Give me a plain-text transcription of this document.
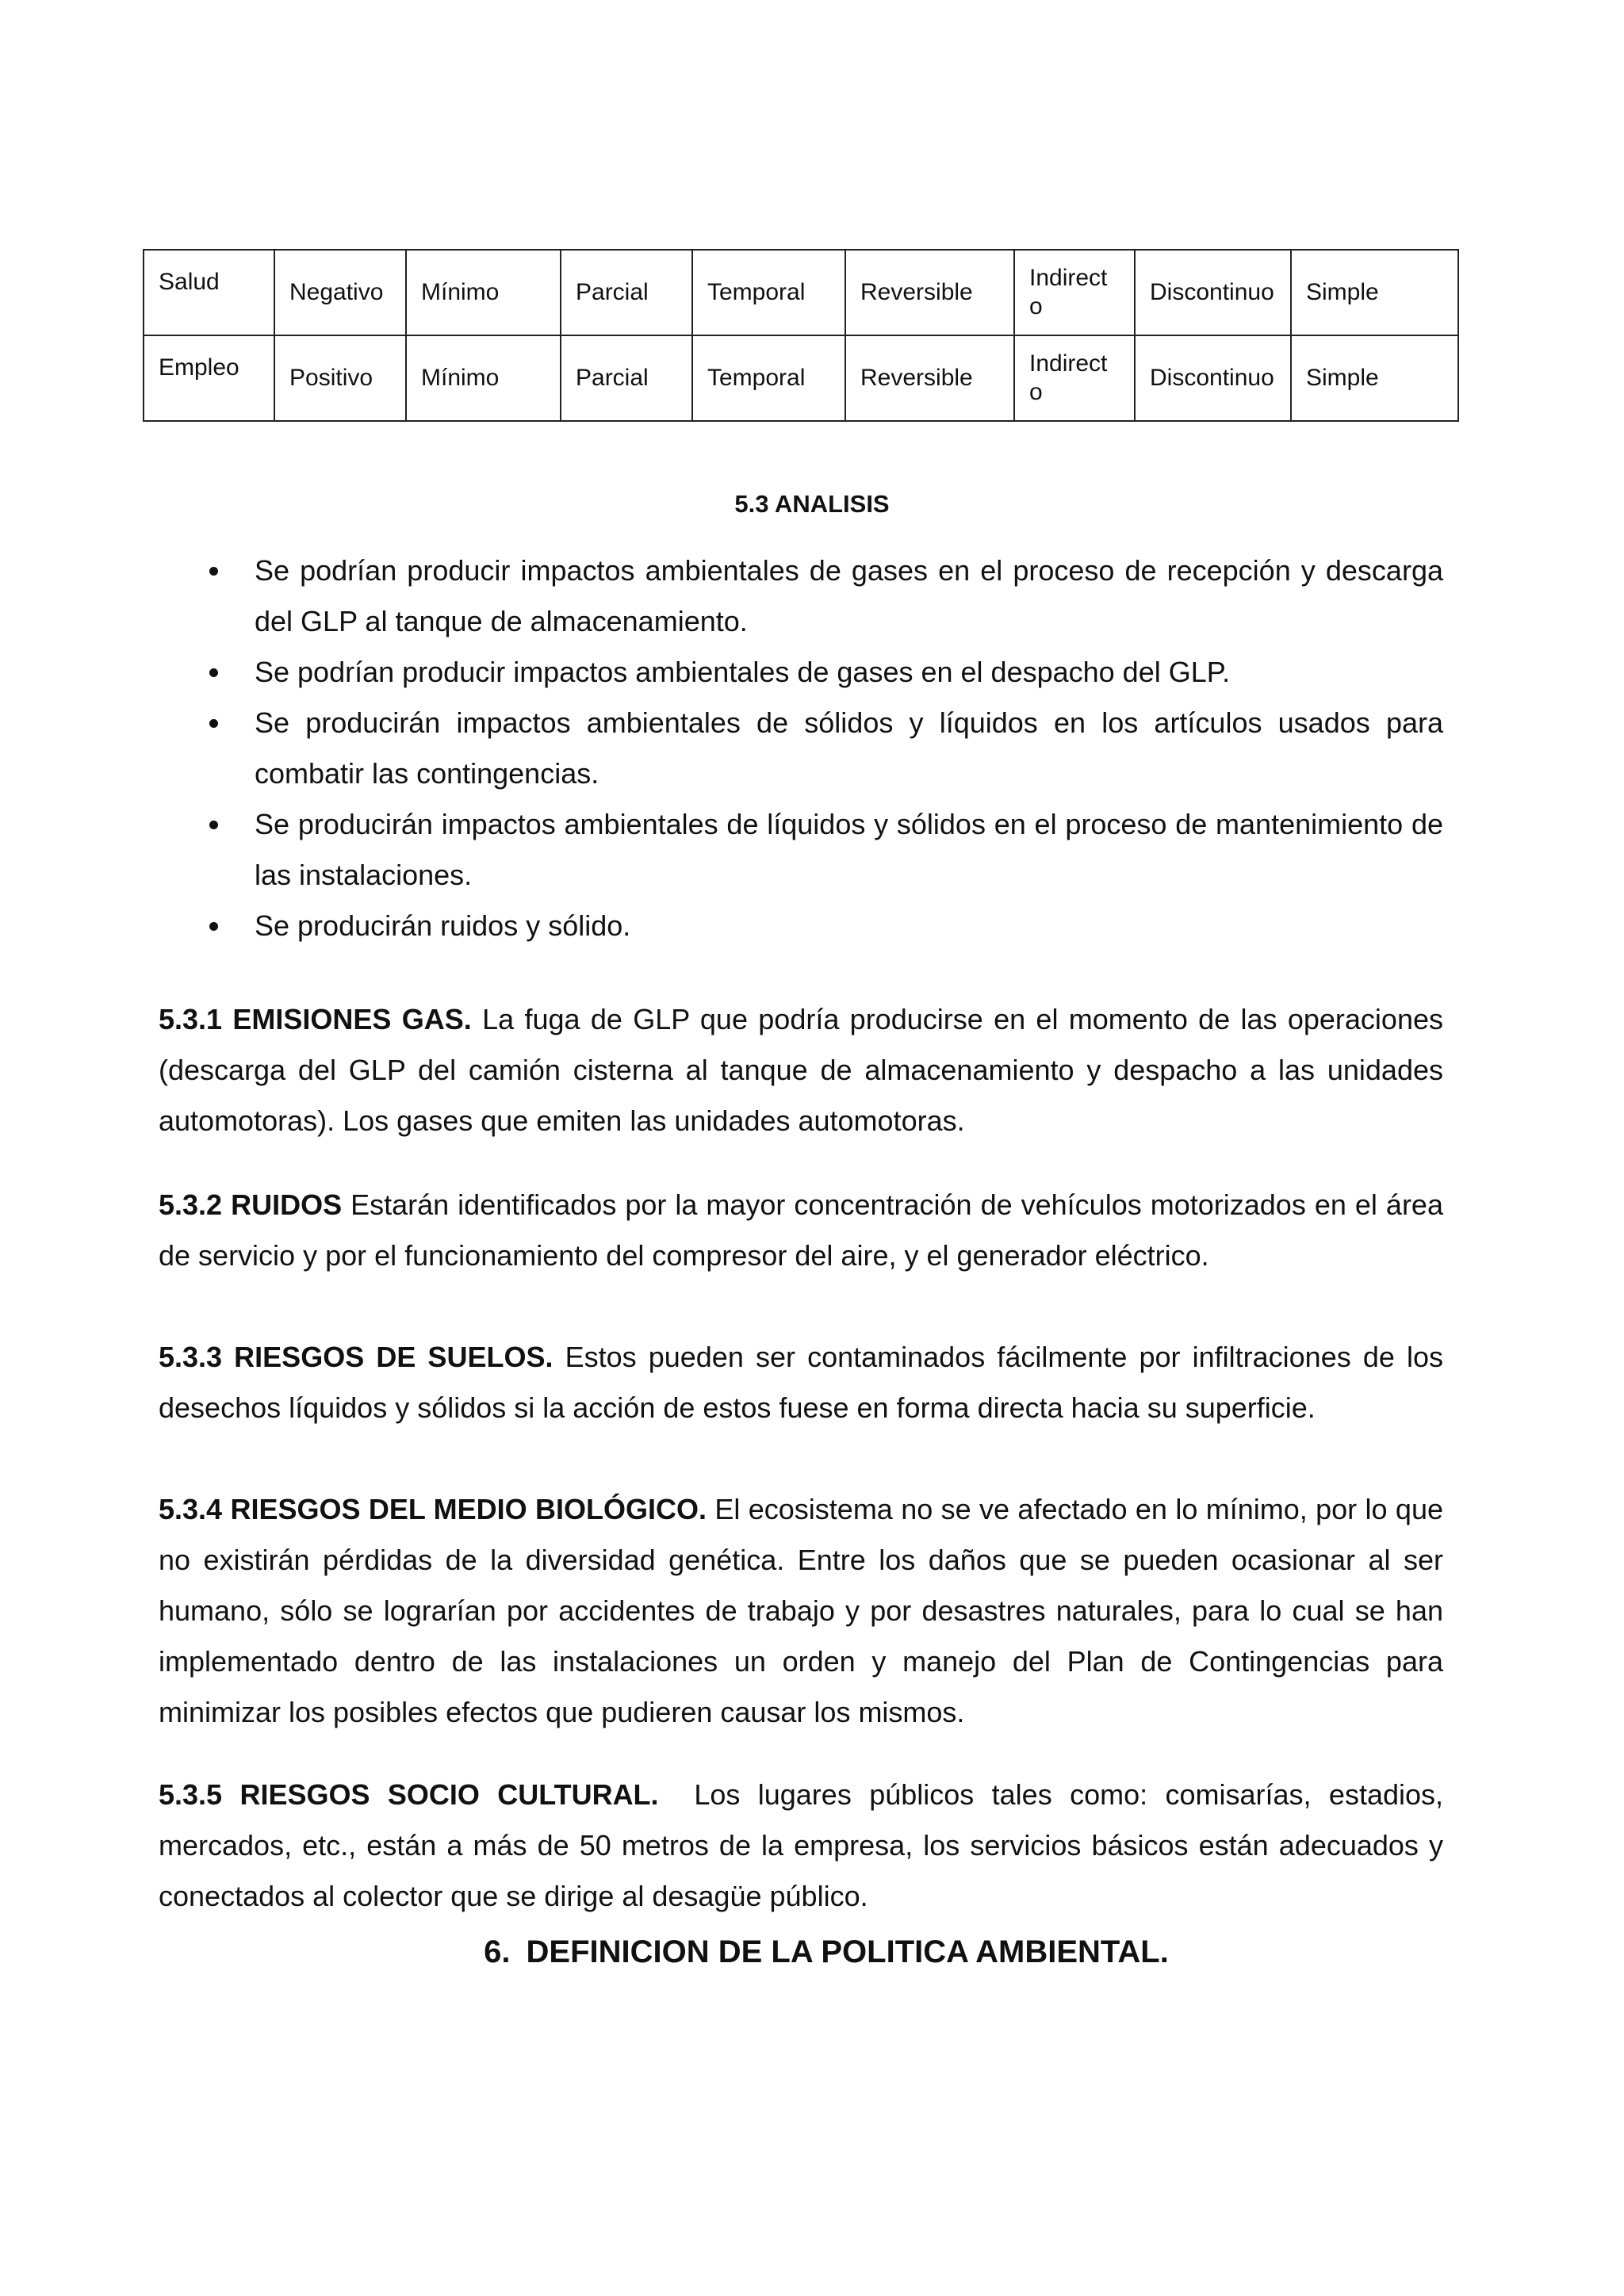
Salud	Negativo	Mínimo	Parcial	Temporal	Reversible	Indirecto	Discontinuo	Simple
Empleo	Positivo	Mínimo	Parcial	Temporal	Reversible	Indirecto	Discontinuo	Simple
5.3 ANALISIS
Se podrían producir impactos ambientales de gases en el proceso de recepción y descarga del GLP al tanque de almacenamiento.
Se podrían producir impactos ambientales de gases en el despacho del GLP.
Se producirán impactos ambientales de sólidos y líquidos en los artículos usados para combatir las contingencias.
Se producirán impactos ambientales de líquidos y sólidos en el proceso de mantenimiento de las instalaciones.
Se producirán ruidos y sólido.

5.3.1 EMISIONES GAS. La fuga de GLP que podría producirse en el momento de las operaciones (descarga del GLP del camión cisterna al tanque de almacenamiento y despacho a las unidades automotoras). Los gases que emiten las unidades automotoras.

5.3.2 RUIDOS Estarán identificados por la mayor concentración de vehículos motorizados en el área de servicio y por el funcionamiento del compresor del aire, y el generador eléctrico.

5.3.3 RIESGOS DE SUELOS. Estos pueden ser contaminados fácilmente por infiltraciones de los desechos líquidos y sólidos si la acción de estos fuese en forma directa hacia su superficie.

5.3.4 RIESGOS DEL MEDIO BIOLÓGICO. El ecosistema no se ve afectado en lo mínimo, por lo que no existirán pérdidas de la diversidad genética. Entre los daños que se pueden ocasionar al ser humano, sólo se lograrían por accidentes de trabajo y por desastres naturales, para lo cual se han implementado dentro de las instalaciones un orden y manejo del Plan de Contingencias para minimizar los posibles efectos que pudieren causar los mismos.

5.3.5 RIESGOS SOCIO CULTURAL.  Los lugares públicos tales como: comisarías, estadios, mercados, etc., están a más de 50 metros de la empresa, los servicios básicos están adecuados y conectados al colector que se dirige al desagüe público.

6. DEFINICION DE LA POLITICA AMBIENTAL.
